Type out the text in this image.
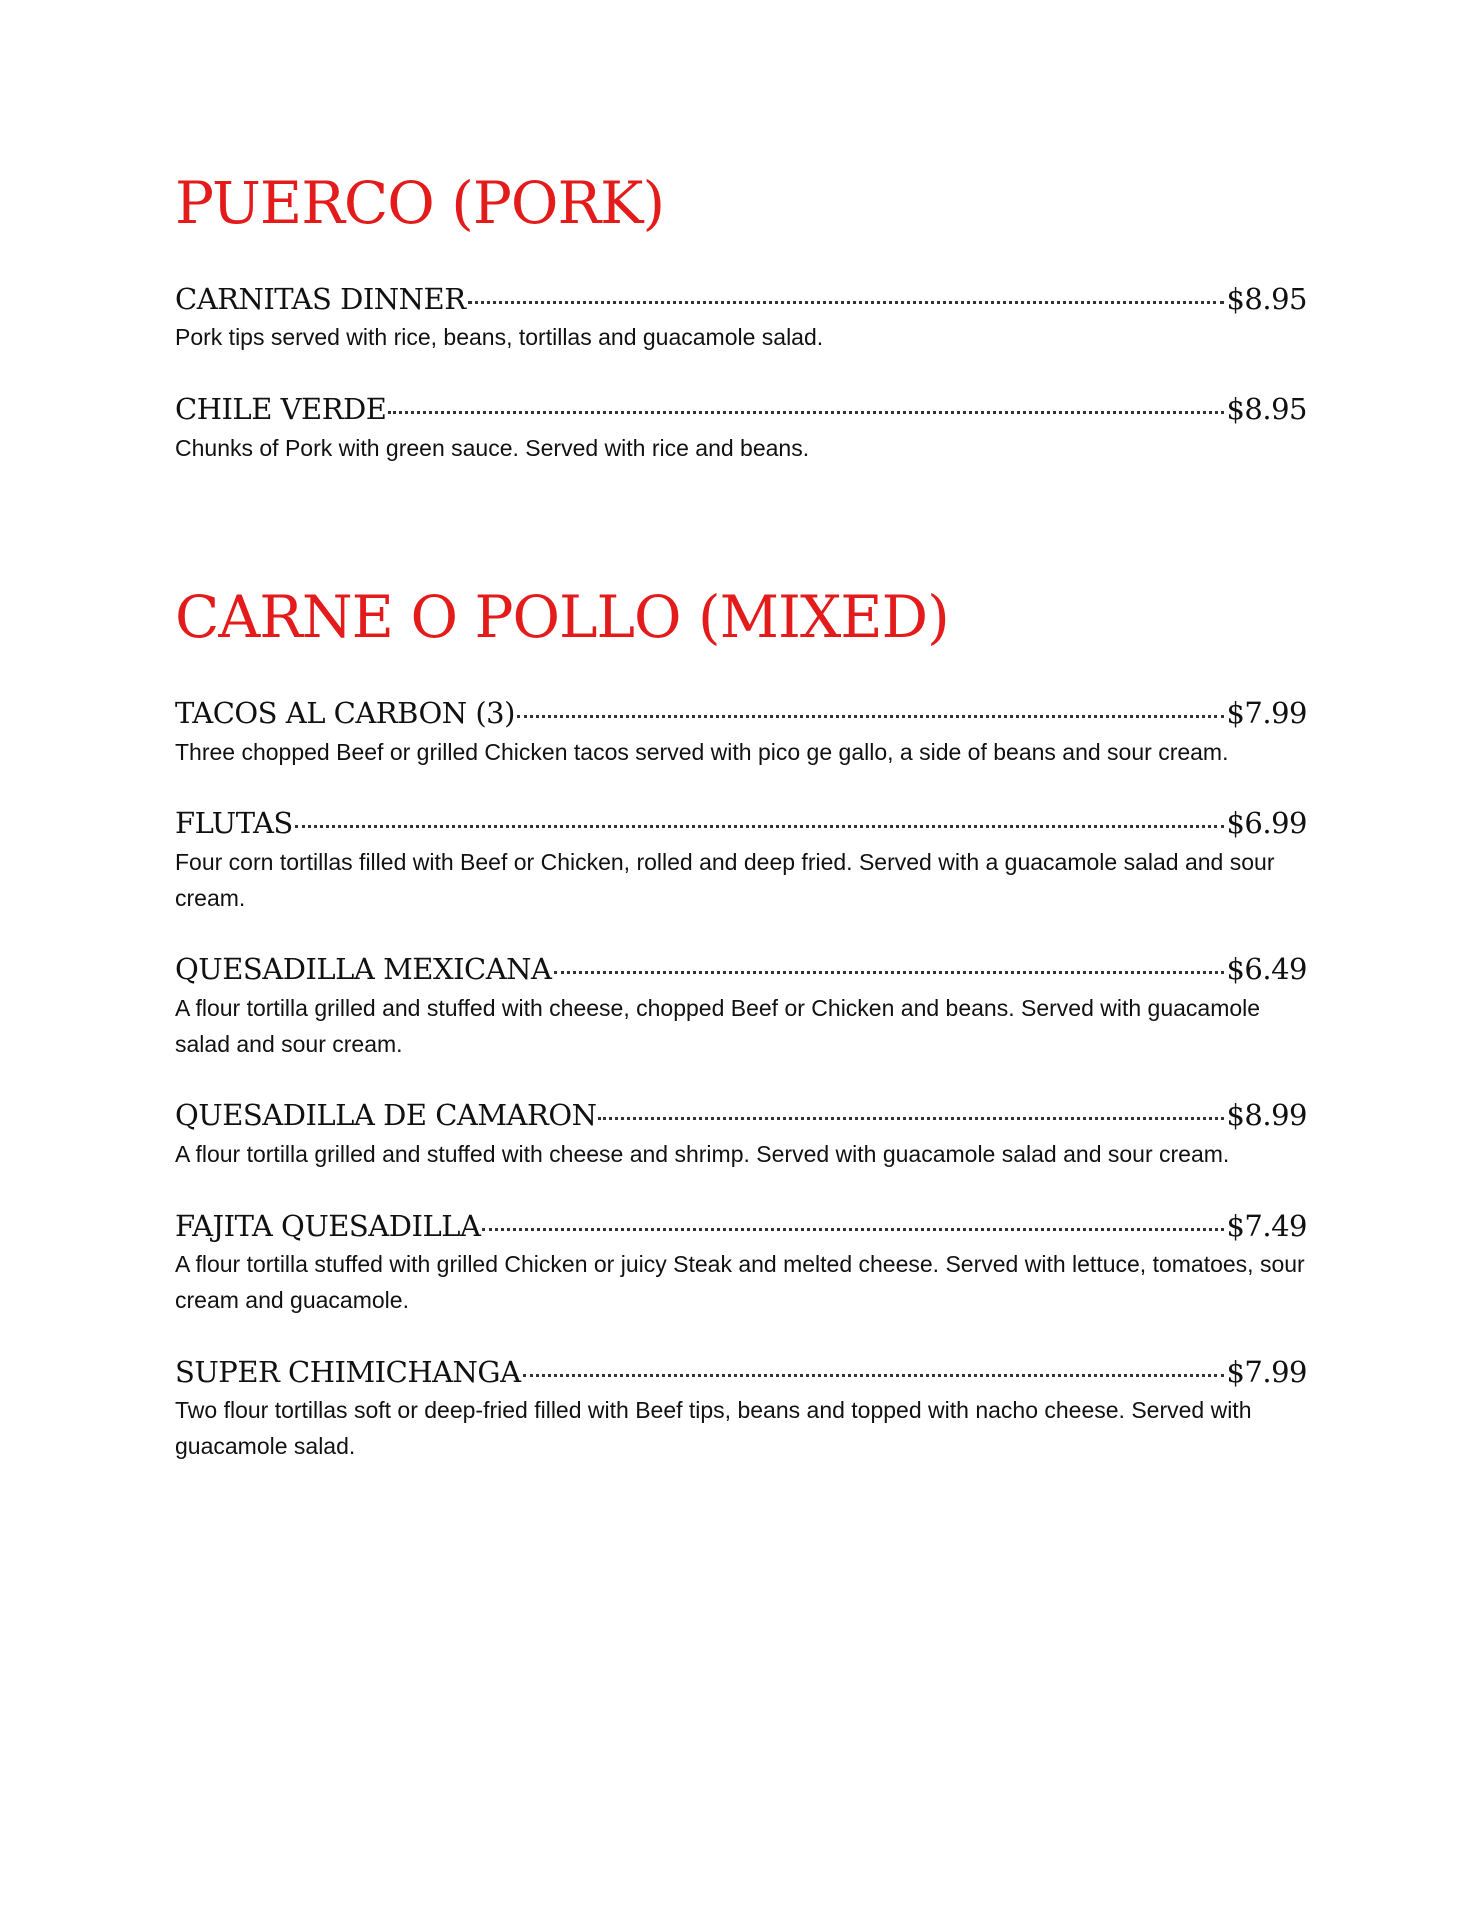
PUERCO (PORK)
CARNITAS DINNER	$8.95

Pork tips served with rice, beans, tortillas and guacamole salad.

CHILE VERDE	$8.95

Chunks of Pork with green sauce. Served with rice and beans.

CARNE O POLLO (MIXED)
TACOS AL CARBON (3)	$7.99

Three chopped Beef or grilled Chicken tacos served with pico ge gallo, a side of beans and sour cream.

FLUTAS	$6.99

Four corn tortillas filled with Beef or Chicken, rolled and deep fried. Served with a guacamole salad and sour cream.

QUESADILLA MEXICANA	$6.49

A flour tortilla grilled and stuffed with cheese, chopped Beef or Chicken and beans. Served with guacamole salad and sour cream.

QUESADILLA DE CAMARON	$8.99

A flour tortilla grilled and stuffed with cheese and shrimp. Served with guacamole salad and sour cream.

FAJITA QUESADILLA	$7.49

A flour tortilla stuffed with grilled Chicken or juicy Steak and melted cheese. Served with lettuce, tomatoes, sour cream and guacamole.

SUPER CHIMICHANGA	$7.99

Two flour tortillas soft or deep-fried filled with Beef tips, beans and topped with nacho cheese. Served with guacamole salad.
